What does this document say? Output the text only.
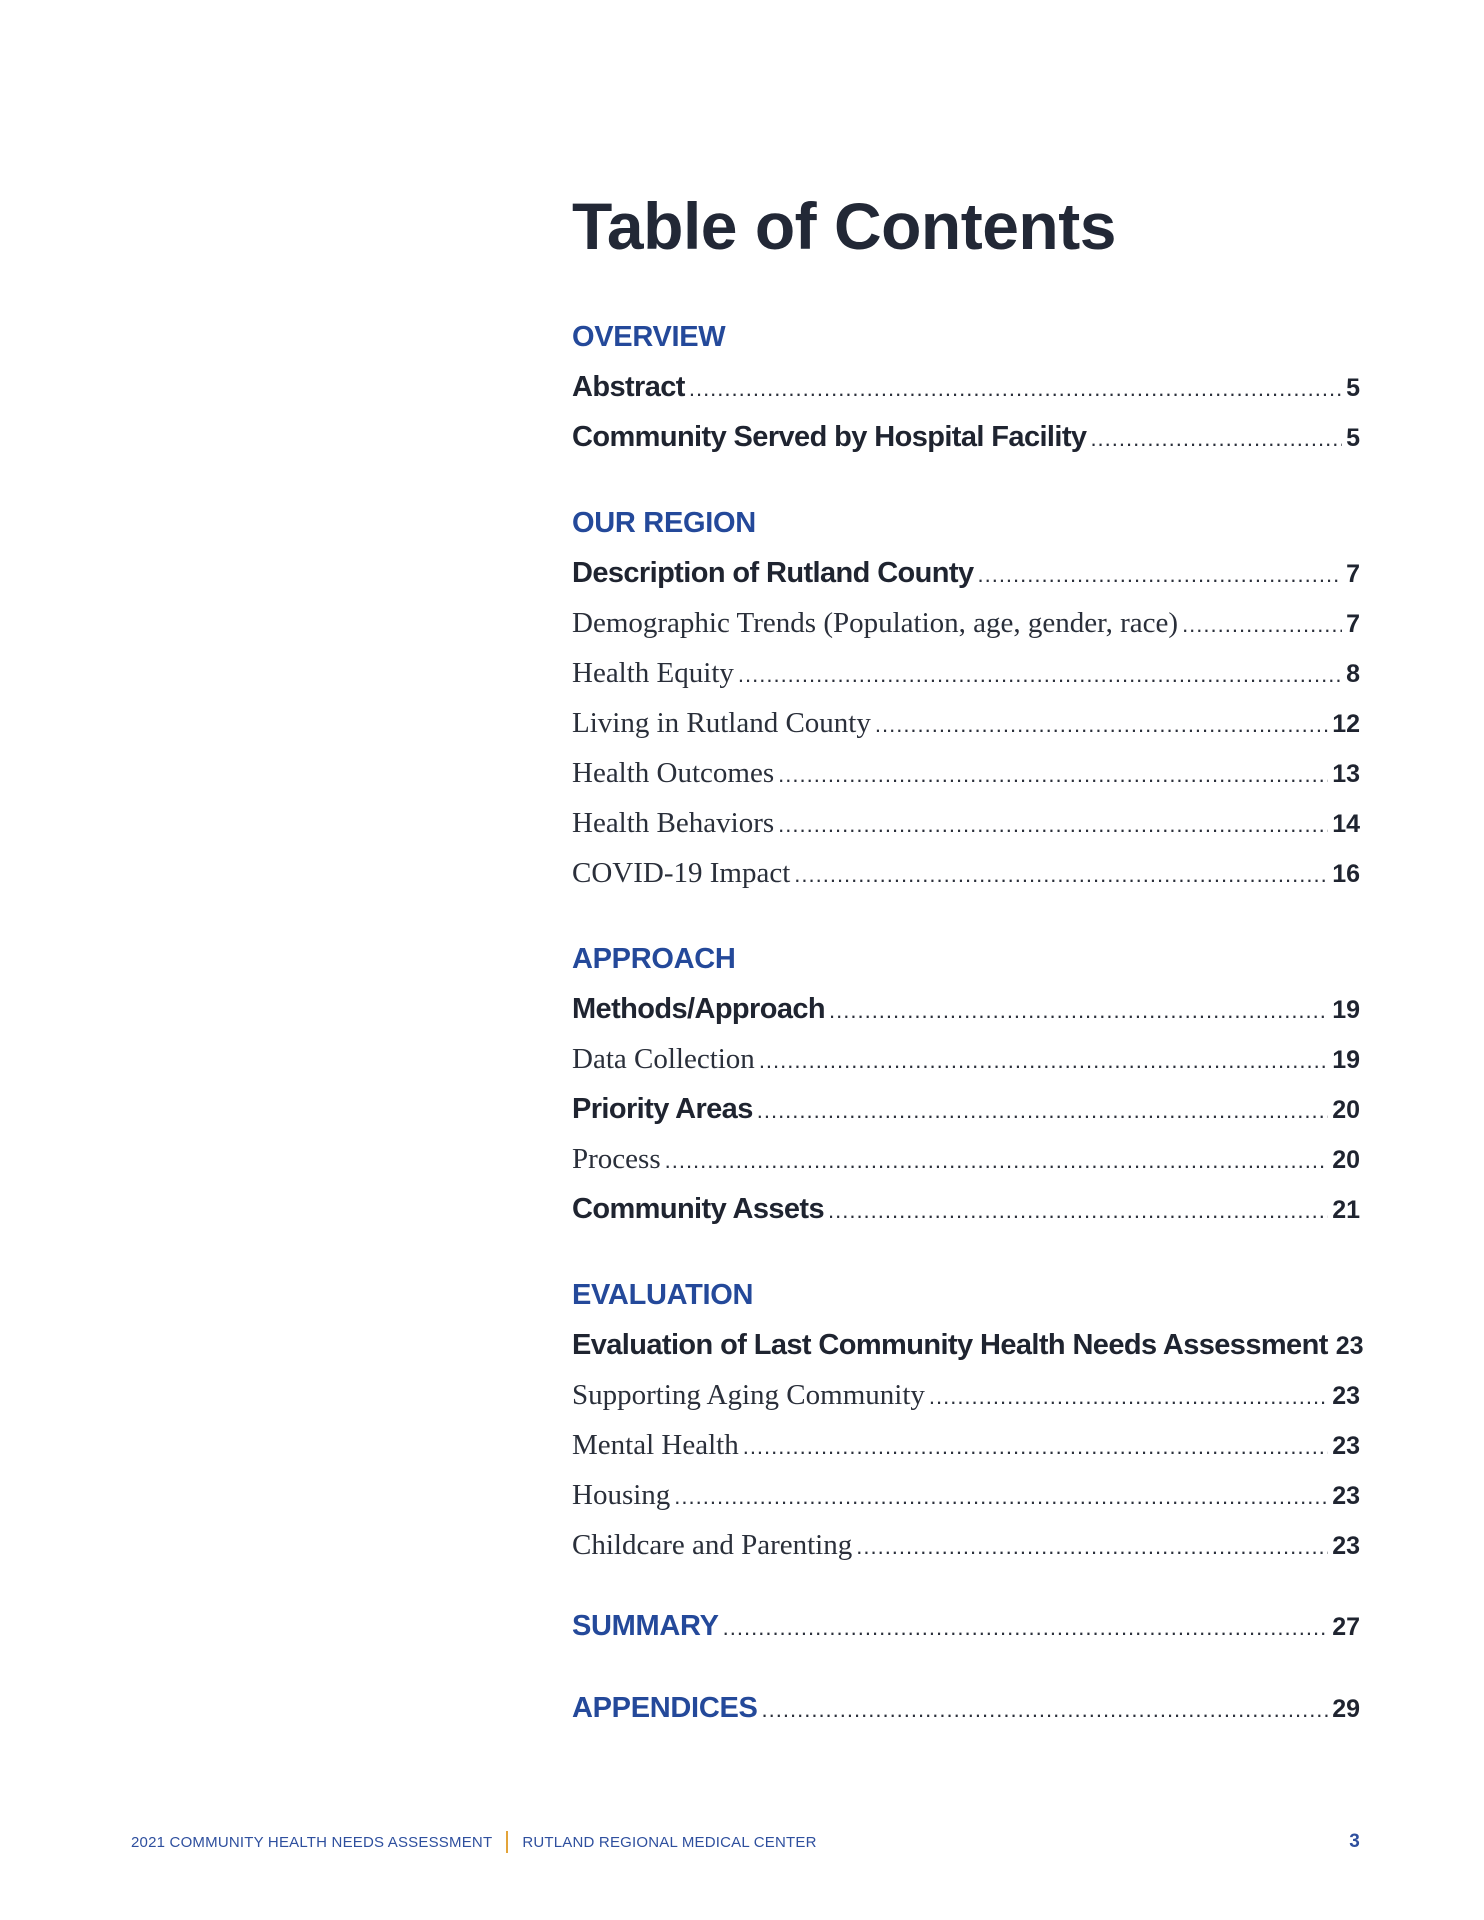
Table of Contents
OVERVIEW
Abstract .....	5
Community Served by Hospital Facility .....	5
OUR REGION
Description of Rutland County .....	7
Demographic Trends (Population, age, gender, race) .....	7
Health Equity .....	8
Living in Rutland County .....	12
Health Outcomes .....	13
Health Behaviors .....	14
COVID-19 Impact .....	16
APPROACH
Methods/Approach .....	19
Data Collection .....	19
Priority Areas .....	20
Process .....	20
Community Assets .....	21
EVALUATION
Evaluation of Last Community Health Needs Assessment 23
Supporting Aging Community .....	23
Mental Health .....	23
Housing .....	23
Childcare and Parenting .....	23
SUMMARY .....	27
APPENDICES .....	29
2021 COMMUNITY HEALTH NEEDS ASSESSMENT RUTLAND REGIONAL MEDICAL CENTER	3
